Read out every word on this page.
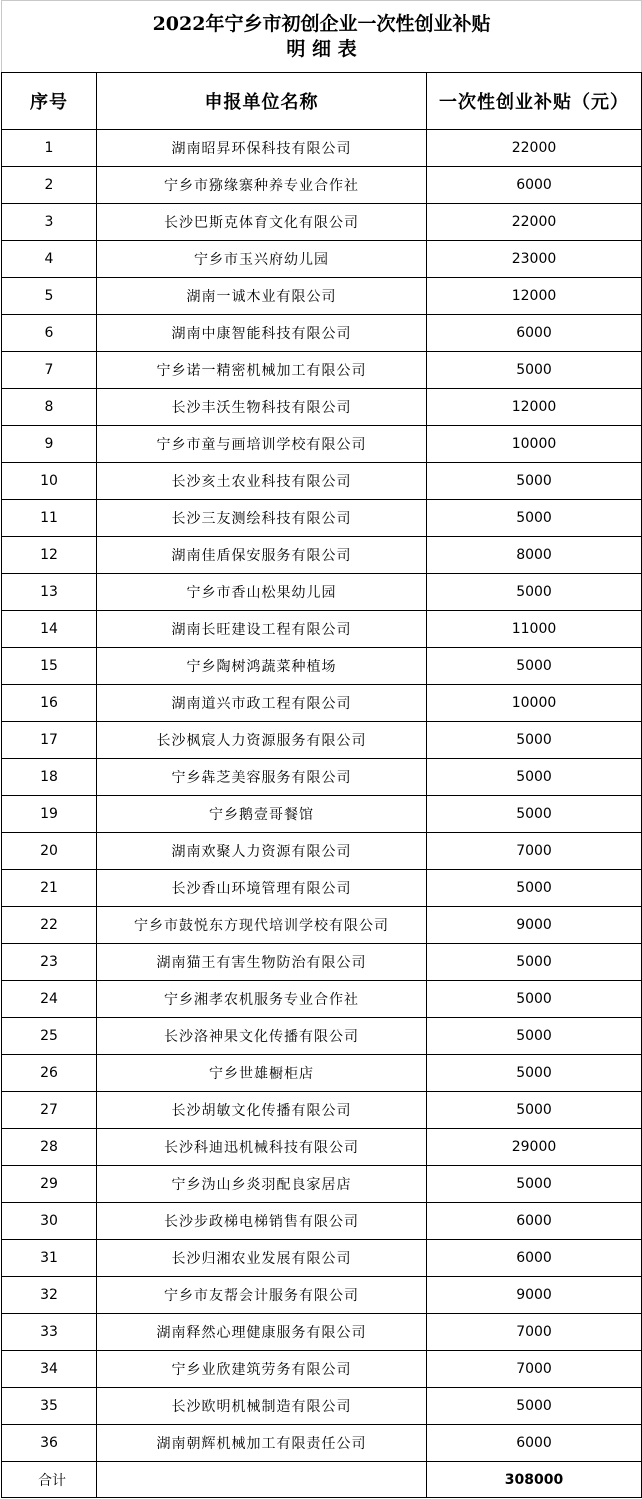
2022年宁乡市初创企业一次性创业补贴
明 细 表		

序号	申报单位名称	一次性创业补贴（元）
1	湖南昭昇环保科技有限公司	22000
2	宁乡市猕缘寨种养专业合作社	6000
3	长沙巴斯克体育文化有限公司	22000
4	宁乡市玉兴府幼儿园	23000
5	湖南一诚木业有限公司	12000
6	湖南中康智能科技有限公司	6000
7	宁乡诺一精密机械加工有限公司	5000
8	长沙丰沃生物科技有限公司	12000
9	宁乡市童与画培训学校有限公司	10000
10	长沙亥土农业科技有限公司	5000
11	长沙三友测绘科技有限公司	5000
12	湖南佳盾保安服务有限公司	8000
13	宁乡市香山松果幼儿园	5000
14	湖南长旺建设工程有限公司	11000
15	宁乡陶树鸿蔬菜种植场	5000
16	湖南道兴市政工程有限公司	10000
17	长沙枫宸人力资源服务有限公司	5000
18	宁乡犇芝美容服务有限公司	5000
19	宁乡鹅壹哥餐馆	5000
20	湖南欢聚人力资源有限公司	7000
21	长沙香山环境管理有限公司	5000
22	宁乡市鼓悦东方现代培训学校有限公司	9000
23	湖南猫王有害生物防治有限公司	5000
24	宁乡湘孝农机服务专业合作社	5000
25	长沙洛神果文化传播有限公司	5000
26	宁乡世雄橱柜店	5000
27	长沙胡敏文化传播有限公司	5000
28	长沙科迪迅机械科技有限公司	29000
29	宁乡沩山乡炎羽配良家居店	5000
30	长沙步政梯电梯销售有限公司	6000
31	长沙归湘农业发展有限公司	6000
32	宁乡市友帮会计服务有限公司	9000
33	湖南释然心理健康服务有限公司	7000
34	宁乡业欣建筑劳务有限公司	7000
35	长沙欧明机械制造有限公司	5000
36	湖南朝辉机械加工有限责任公司	6000
合计		308000
